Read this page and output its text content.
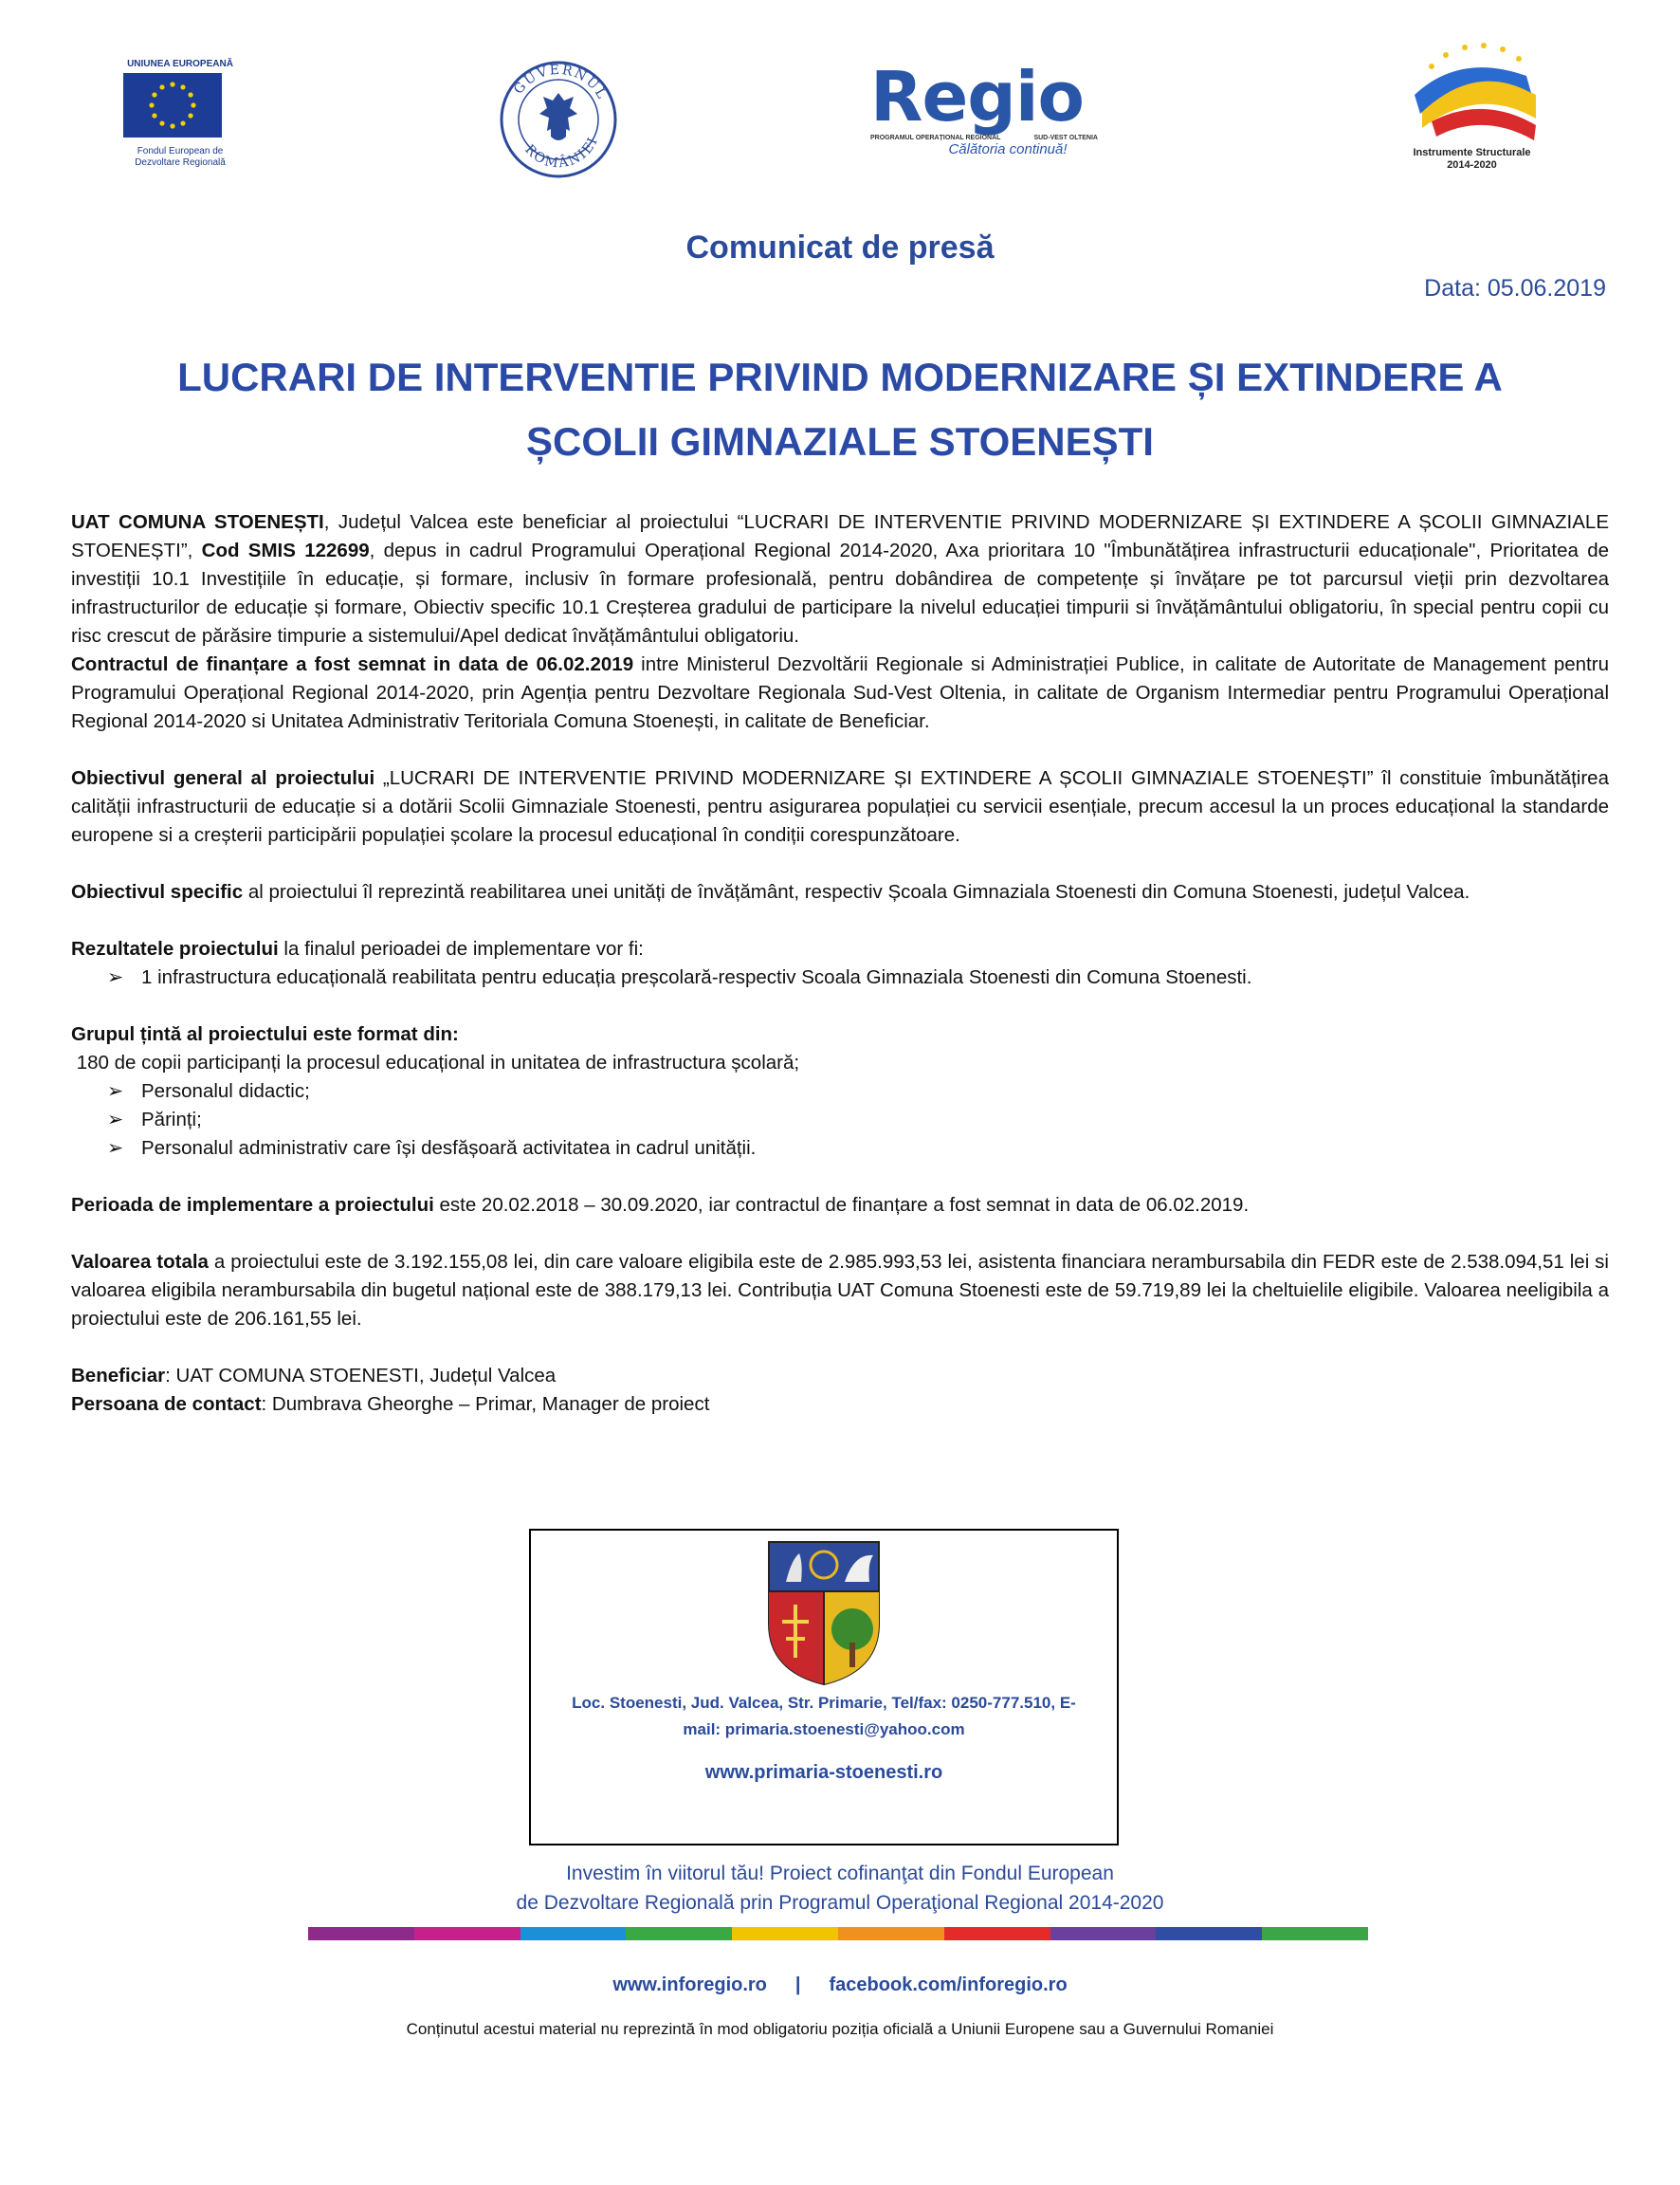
UNIUNEA EUROPEANĂ
Fondul European de
Dezvoltare Regională
GUVERNUL
ROMÂNIEI
Regio
PROGRAMUL OPERAȚIONAL REGIONAL	SUD-VEST OLTENIA
Călătoria continuă!	Instrumente Structurale
2014-2020
Comunicat de presă
Data: 05.06.2019
LUCRARI DE INTERVENTIE PRIVIND MODERNIZARE ȘI EXTINDERE A
ȘCOLII GIMNAZIALE STOENEȘTI

UAT COMUNA STOENEȘTI, Județul Valcea este beneficiar al proiectului “LUCRARI DE INTERVENTIE PRIVIND MODERNIZARE ȘI EXTINDERE A ȘCOLII GIMNAZIALE STOENEȘTI”, Cod SMIS 122699, depus in cadrul Programului Operațional Regional 2014-2020, Axa prioritara 10 "Îmbunătățirea infrastructurii educaționale", Prioritatea de investiții 10.1 Investițiile în educație, și formare, inclusiv în formare profesională, pentru dobândirea de competențe și învățare pe tot parcursul vieții prin dezvoltarea infrastructurilor de educație și formare, Obiectiv specific 10.1 Creșterea gradului de participare la nivelul educației timpurii si învățământului obligatoriu, în special pentru copii cu risc crescut de părăsire timpurie a sistemului/Apel dedicat învățământului obligatoriu.

Contractul de finanțare a fost semnat in data de 06.02.2019 intre Ministerul Dezvoltării Regionale si Administrației Publice, in calitate de Autoritate de Management pentru Programului Operațional Regional 2014-2020, prin Agenția pentru Dezvoltare Regionala Sud-Vest Oltenia, in calitate de Organism Intermediar pentru Programului Operațional Regional 2014-2020 si Unitatea Administrativ Teritoriala Comuna Stoenești, in calitate de Beneficiar.

Obiectivul general al proiectului „LUCRARI DE INTERVENTIE PRIVIND MODERNIZARE ȘI EXTINDERE A ȘCOLII GIMNAZIALE STOENEȘTI” îl constituie îmbunătățirea calității infrastructurii de educație si a dotării Scolii Gimnaziale Stoenesti, pentru asigurarea populației cu servicii esențiale, precum accesul la un proces educațional la standarde europene si a creșterii participării populației școlare la procesul educațional în condiții corespunzătoare.

Obiectivul specific al proiectului îl reprezintă reabilitarea unei unități de învățământ, respectiv Școala Gimnaziala Stoenesti din Comuna Stoenesti, județul Valcea.

Rezultatele proiectului la finalul perioadei de implementare vor fi:

➢ 1 infrastructura educațională reabilitata pentru educația preșcolară-respectiv Scoala Gimnaziala Stoenesti din Comuna Stoenesti.

Grupul țintă al proiectului este format din:

180 de copii participanți la procesul educațional in unitatea de infrastructura școlară;

➢ Personalul didactic;
➢ Părinți;
➢ Personalul administrativ care își desfășoară activitatea in cadrul unității.

Perioada de implementare a proiectului este 20.02.2018 – 30.09.2020, iar contractul de finanțare a fost semnat in data de 06.02.2019.

Valoarea totala a proiectului este de 3.192.155,08 lei, din care valoare eligibila este de 2.985.993,53 lei, asistenta financiara nerambursabila din FEDR este de 2.538.094,51 lei si valoarea eligibila nerambursabila din bugetul național este de 388.179,13 lei. Contribuția UAT Comuna Stoenesti este de 59.719,89 lei la cheltuielile eligibile. Valoarea neeligibila a proiectului este de 206.161,55 lei.

Beneficiar: UAT COMUNA STOENESTI, Județul Valcea

Persoana de contact: Dumbrava Gheorghe – Primar, Manager de proiect

Loc. Stoenesti, Jud. Valcea, Str. Primarie, Tel/fax: 0250-777.510, E-
mail: primaria.stoenesti@yahoo.com
www.primaria-stoenesti.ro
Investim în viitorul tău! Proiect cofinanţat din Fondul European
de Dezvoltare Regională prin Programul Operaţional Regional 2014-2020
www.inforegio.ro | facebook.com/inforegio.ro
Conținutul acestui material nu reprezintă în mod obligatoriu poziția oficială a Uniunii Europene sau a Guvernului Romaniei
